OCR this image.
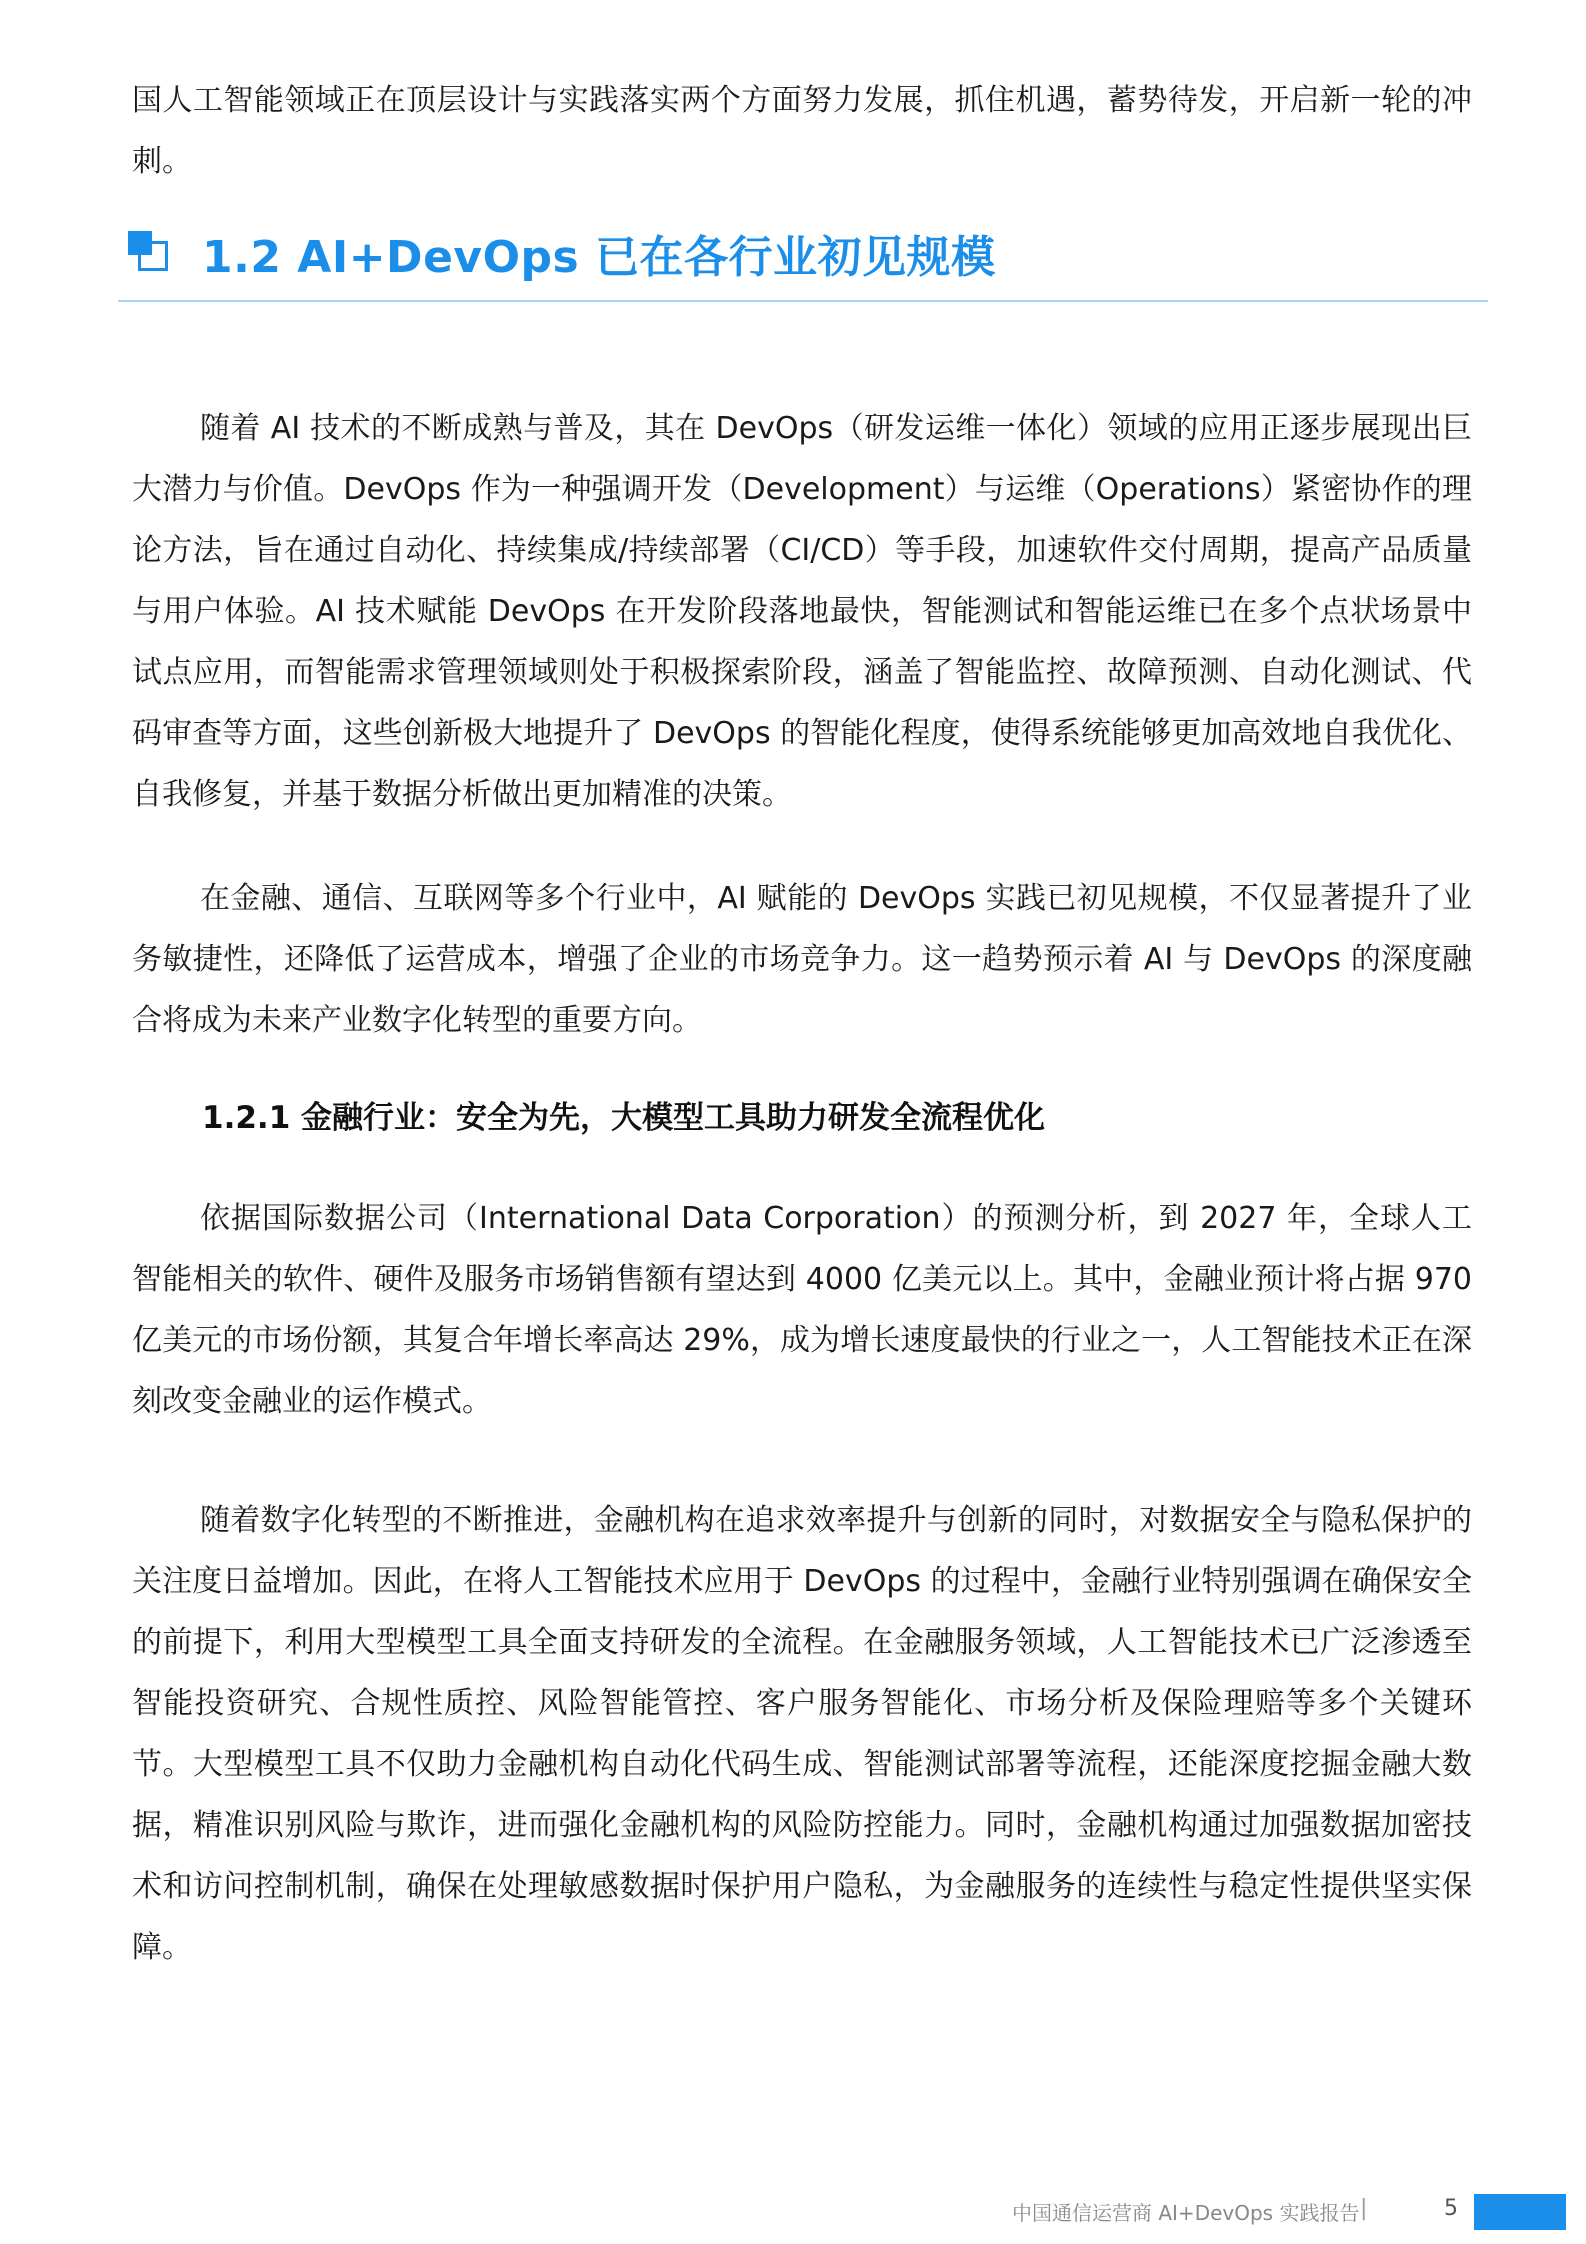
国人工智能领域正在顶层设计与实践落实两个方面努力发展，抓住机遇，蓄势待发，开启新一轮的冲刺。

1.2 AI+DevOps 已在各行业初见规模

随着 AI 技术的不断成熟与普及，其在 DevOps（研发运维一体化）领域的应用正逐步展现出巨大潜力与价值。DevOps 作为一种强调开发（Development）与运维（Operations）紧密协作的理论方法，旨在通过自动化、持续集成/持续部署（CI/CD）等手段，加速软件交付周期，提高产品质量与用户体验。AI 技术赋能 DevOps 在开发阶段落地最快，智能测试和智能运维已在多个点状场景中试点应用，而智能需求管理领域则处于积极探索阶段，涵盖了智能监控、故障预测、自动化测试、代码审查等方面，这些创新极大地提升了 DevOps 的智能化程度，使得系统能够更加高效地自我优化、自我修复，并基于数据分析做出更加精准的决策。

在金融、通信、互联网等多个行业中，AI 赋能的 DevOps 实践已初见规模，不仅显著提升了业务敏捷性，还降低了运营成本，增强了企业的市场竞争力。这一趋势预示着 AI 与 DevOps 的深度融合将成为未来产业数字化转型的重要方向。

1.2.1 金融行业：安全为先，大模型工具助力研发全流程优化

依据国际数据公司（International Data Corporation）的预测分析，到 2027 年，全球人工智能相关的软件、硬件及服务市场销售额有望达到 4000 亿美元以上。其中，金融业预计将占据 970 亿美元的市场份额，其复合年增长率高达 29%，成为增长速度最快的行业之一，人工智能技术正在深刻改变金融业的运作模式。

随着数字化转型的不断推进，金融机构在追求效率提升与创新的同时，对数据安全与隐私保护的关注度日益增加。因此，在将人工智能技术应用于 DevOps 的过程中，金融行业特别强调在确保安全的前提下，利用大型模型工具全面支持研发的全流程。在金融服务领域，人工智能技术已广泛渗透至智能投资研究、合规性质控、风险智能管控、客户服务智能化、市场分析及保险理赔等多个关键环节。大型模型工具不仅助力金融机构自动化代码生成、智能测试部署等流程，还能深度挖掘金融大数据，精准识别风险与欺诈，进而强化金融机构的风险防控能力。同时，金融机构通过加强数据加密技术和访问控制机制，确保在处理敏感数据时保护用户隐私，为金融服务的连续性与稳定性提供坚实保障。

中国通信运营商 AI+DevOps 实践报告 |	5
